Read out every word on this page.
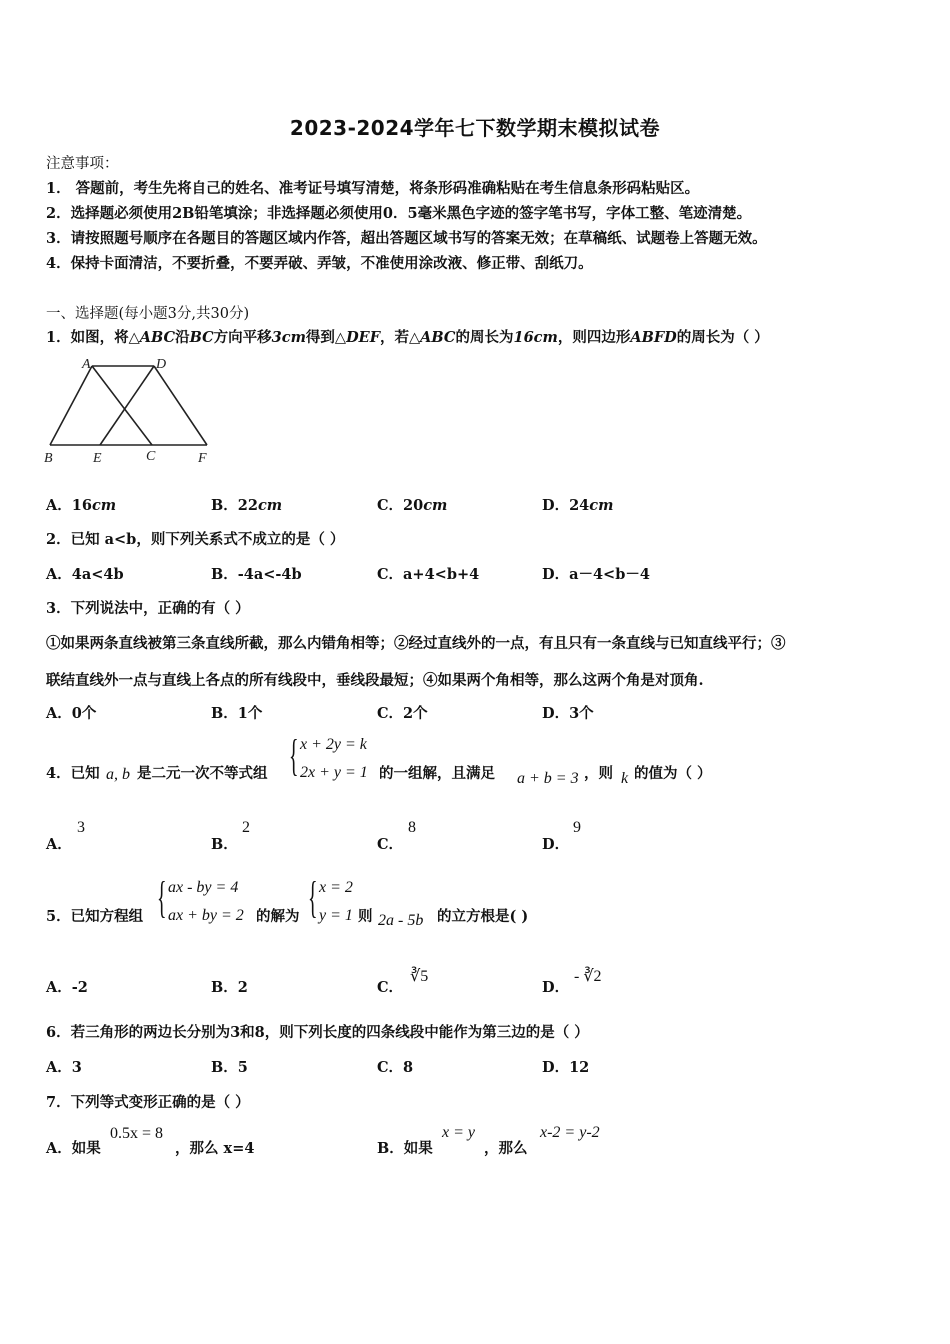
2023-2024学年七下数学期末模拟试卷
注意事项：
1． 答题前，考生先将自己的姓名、准考证号填写清楚，将条形码准确粘贴在考生信息条形码粘贴区。
2．选择题必须使用2B铅笔填涂；非选择题必须使用0．5毫米黑色字迹的签字笔书写，字体工整、笔迹清楚。
3．请按照题号顺序在各题目的答题区域内作答，超出答题区域书写的答案无效；在草稿纸、试题卷上答题无效。
4．保持卡面清洁，不要折叠，不要弄破、弄皱，不准使用涂改液、修正带、刮纸刀。
一、选择题(每小题3分,共30分)
1．如图，将△ABC沿BC方向平移3cm得到△DEF，若△ABC的周长为16cm，则四边形ABFD的周长为（ ）
A	D
B	E	C	F
A．16cm	B．22cm	C．20cm	D．24cm
2．已知 a<b，则下列关系式不成立的是（ ）
A．4a<4b	B．-4a<-4b	C．a+4<b+4	D．a－4<b－4
3．下列说法中，正确的有（ ）
①如果两条直线被第三条直线所截，那么内错角相等；②经过直线外的一点，有且只有一条直线与已知直线平行；③
联结直线外一点与直线上各点的所有线段中，垂线段最短；④如果两个角相等，那么这两个角是对顶角.
A．0个	B．1个	C．2个	D．3个
4．已知 a, b 是二元一次不等式组 { x + 2y = k
2x + y = 1 的一组解，且满足 a + b = 3 ，则 k 的值为（ ）
A．
3
B．
2
C．
8
D．
9
5．已知方程组 { ax - by = 4
ax + by = 2 的解为 { x = 2
y = 1 则 2a - 5b 的立方根是( )
A．-2	B．2	C．
∛5
D．
- ∛2
6．若三角形的两边长分别为3和8，则下列长度的四条线段中能作为第三边的是（ ）
A．3	B．5	C．8	D．12
7．下列等式变形正确的是（ ）
A．如果
0.5x = 8
，那么 x=4	B．如果
x = y
，那么
x-2 = y-2
